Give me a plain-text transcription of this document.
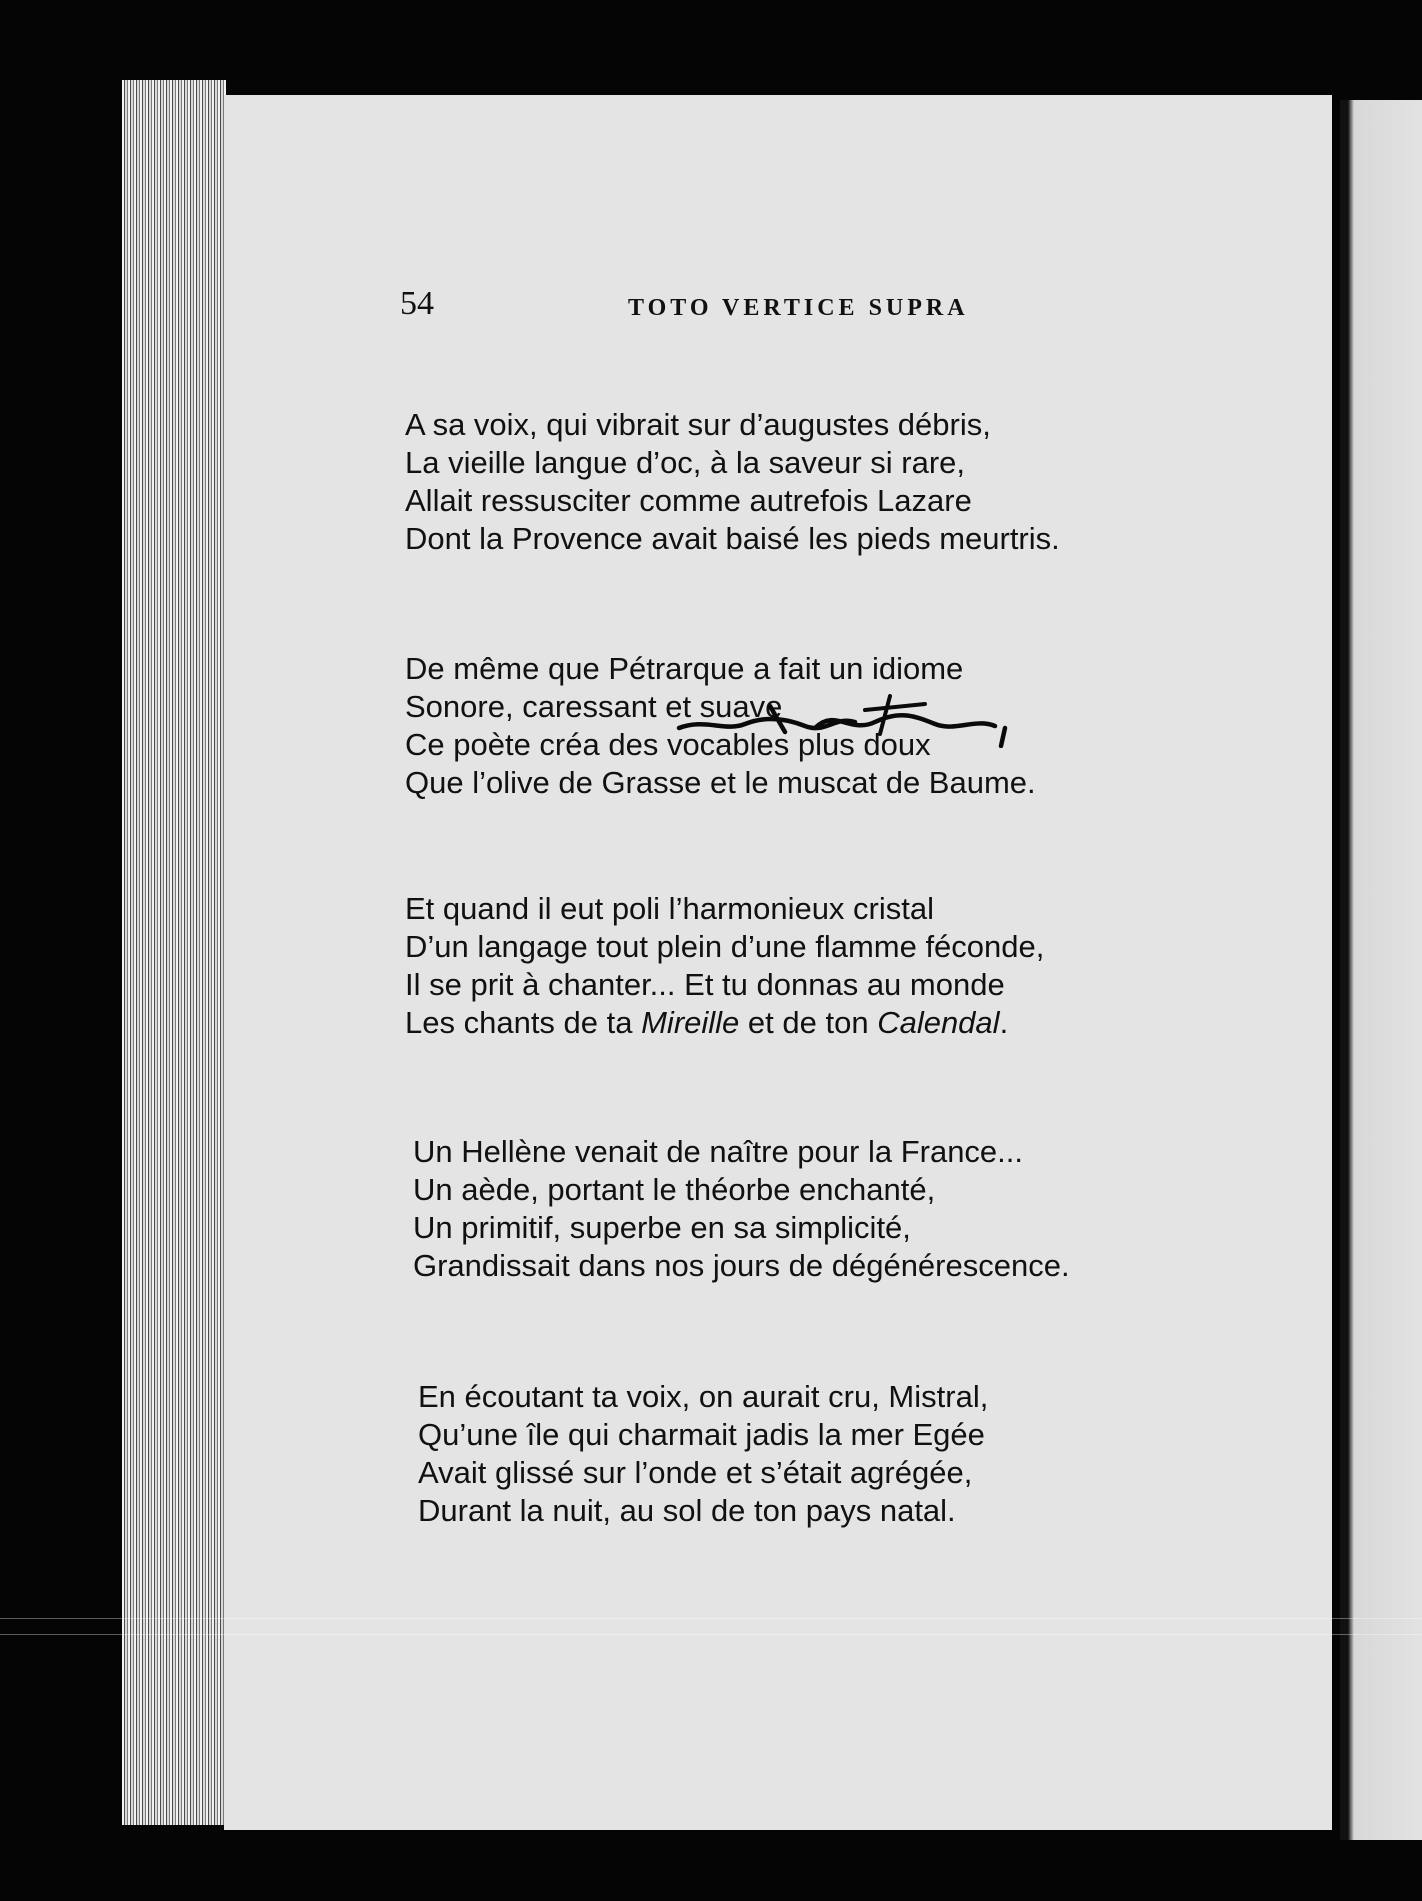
54	TOTO VERTICE SUPRA
A sa voix, qui vibrait sur d’augustes débris,
La vieille langue d’oc, à la saveur si rare,
Allait ressusciter comme autrefois Lazare
Dont la Provence avait baisé les pieds meurtris.
De même que Pétrarque a fait un idiome
Sonore, caressant et suave
Ce poète créa des vocables plus doux
Que l’olive de Grasse et le muscat de Baume.
Et quand il eut poli l’harmonieux cristal
D’un langage tout plein d’une flamme féconde,
Il se prit à chanter... Et tu donnas au monde
Les chants de ta Mireille et de ton Calendal.
Un Hellène venait de naître pour la France...
Un aède, portant le théorbe enchanté,
Un primitif, superbe en sa simplicité,
Grandissait dans nos jours de dégénérescence.
En écoutant ta voix, on aurait cru, Mistral,
Qu’une île qui charmait jadis la mer Egée
Avait glissé sur l’onde et s’était agrégée,
Durant la nuit, au sol de ton pays natal.
